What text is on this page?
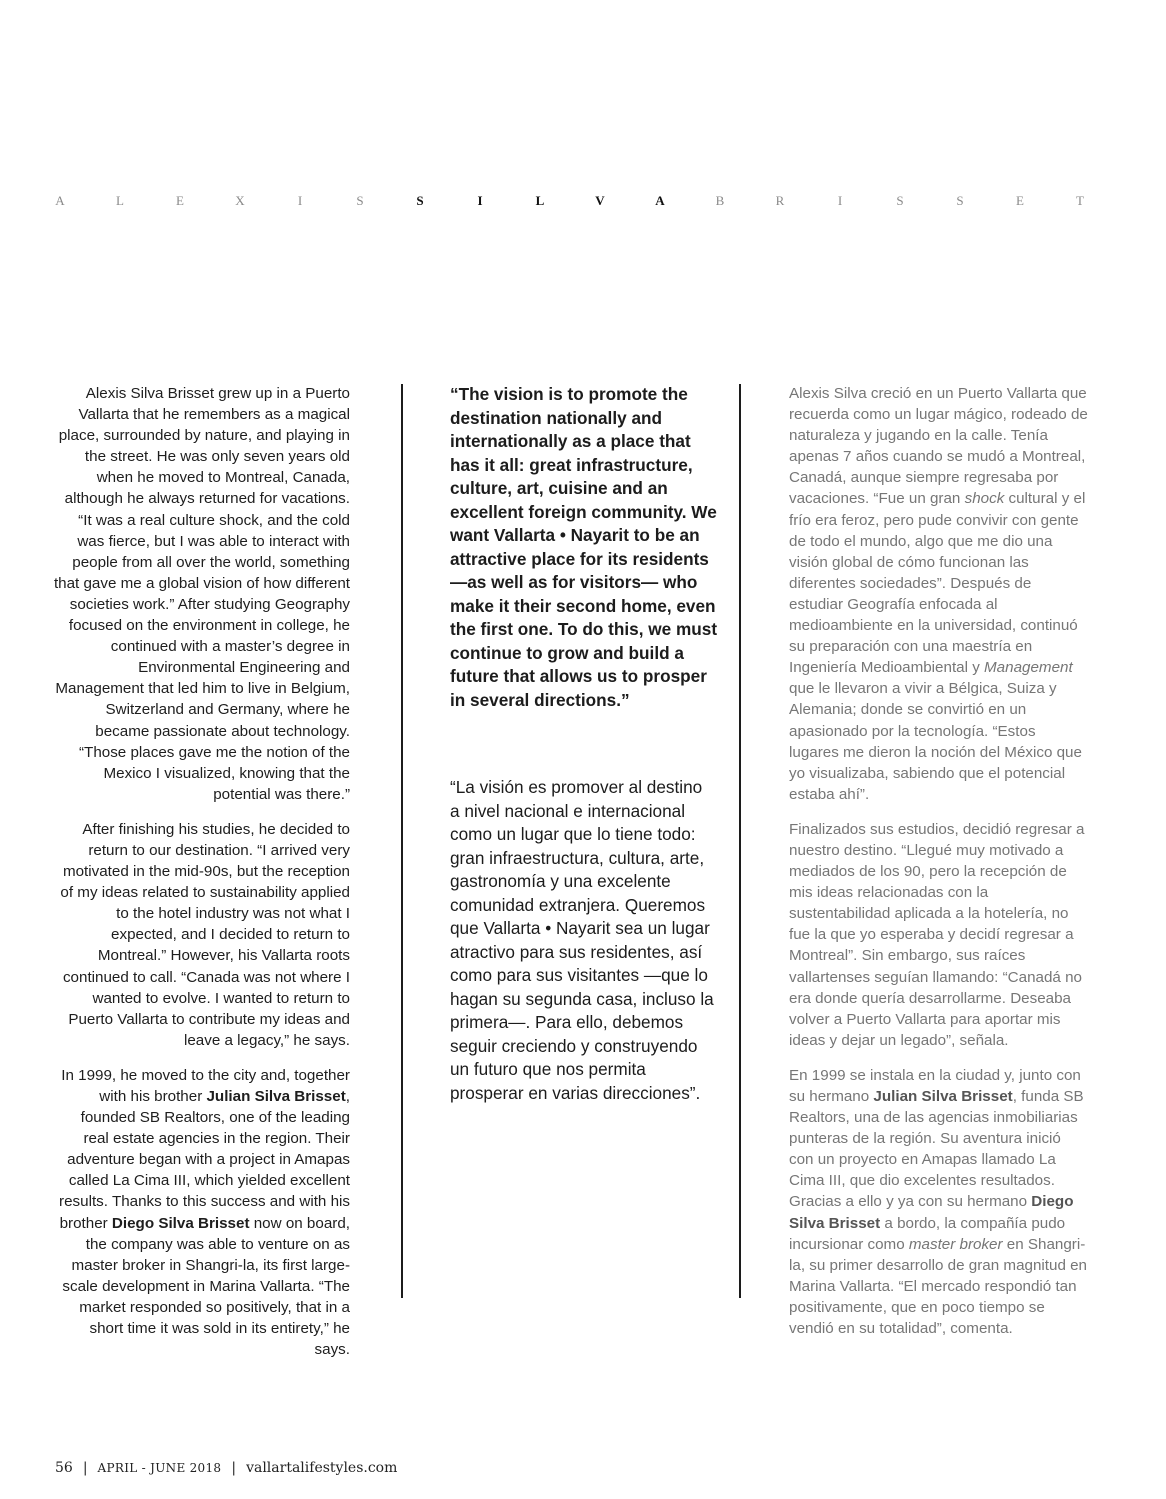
A	L	E	X	I	S	S	I	L	V	A	B	R	I	S	S	E	T

Alexis Silva Brisset grew up in a Puerto Vallarta that he remembers as a magical place, surrounded by nature, and playing in the street. He was only seven years old when he moved to Montreal, Canada, although he always returned for vacations. “It was a real culture shock, and the cold was fierce, but I was able to interact with people from all over the world, something that gave me a global vision of how different societies work.” After studying Geography focused on the environment in college, he continued with a master’s degree in Environmental Engineering and Management that led him to live in Belgium, Switzerland and Germany, where he became passionate about technology. “Those places gave me the notion of the Mexico I visualized, knowing that the potential was there.”

After finishing his studies, he decided to return to our destination. “I arrived very motivated in the mid-90s, but the reception of my ideas related to sustainability applied to the hotel industry was not what I expected, and I decided to return to Montreal.” However, his Vallarta roots continued to call. “Canada was not where I wanted to evolve. I wanted to return to Puerto Vallarta to contribute my ideas and leave a legacy,” he says.

In 1999, he moved to the city and, together with his brother Julian Silva Brisset, founded SB Realtors, one of the leading real estate agencies in the region. Their adventure began with a project in Amapas called La Cima III, which yielded excellent results. Thanks to this success and with his brother Diego Silva Brisset now on board, the company was able to venture on as master broker in Shangri-la, its first large-scale development in Marina Vallarta. “The market responded so positively, that in a short time it was sold in its entirety,” he says.

“The vision is to promote the destination nationally and internationally as a place that has it all: great infrastructure, culture, art, cuisine and an excellent foreign community. We want Vallarta • Nayarit to be an attractive place for its residents—as well as for visitors— who make it their second home, even the first one. To do this, we must continue to grow and build a future that allows us to prosper in several directions.”
“La visión es promover al destino a nivel nacional e internacional como un lugar que lo tiene todo: gran infraestructura, cultura, arte, gastronomía y una excelente comunidad extranjera. Queremos que Vallarta • Nayarit sea un lugar atractivo para sus residentes, así como para sus visitantes —que lo hagan su segunda casa, incluso la primera—. Para ello, debemos seguir creciendo y construyendo un futuro que nos permita prosperar en varias direcciones”.

Alexis Silva creció en un Puerto Vallarta que recuerda como un lugar mágico, rodeado de naturaleza y jugando en la calle. Tenía apenas 7 años cuando se mudó a Montreal, Canadá, aunque siempre regresaba por vacaciones. “Fue un gran shock cultural y el frío era feroz, pero pude convivir con gente de todo el mundo, algo que me dio una visión global de cómo funcionan las diferentes sociedades”. Después de estudiar Geografía enfocada al medioambiente en la universidad, continuó su preparación con una maestría en Ingeniería Medioambiental y Management que le llevaron a vivir a Bélgica, Suiza y Alemania; donde se convirtió en un apasionado por la tecnología. “Estos lugares me dieron la noción del México que yo visualizaba, sabiendo que el potencial estaba ahí”.

Finalizados sus estudios, decidió regresar a nuestro destino. “Llegué muy motivado a mediados de los 90, pero la recepción de mis ideas relacionadas con la sustentabilidad aplicada a la hotelería, no fue la que yo esperaba y decidí regresar a Montreal”. Sin embargo, sus raíces vallartenses seguían llamando: “Canadá no era donde quería desarrollarme. Deseaba volver a Puerto Vallarta para aportar mis ideas y dejar un legado”, señala.

En 1999 se instala en la ciudad y, junto con su hermano Julian Silva Brisset, funda SB Realtors, una de las agencias inmobiliarias punteras de la región. Su aventura inició con un proyecto en Amapas llamado La Cima III, que dio excelentes resultados. Gracias a ello y ya con su hermano Diego Silva Brisset a bordo, la compañía pudo incursionar como master broker en Shangri-la, su primer desarrollo de gran magnitud en Marina Vallarta. “El mercado respondió tan positivamente, que en poco tiempo se vendió en su totalidad”, comenta.

56 | APRIL - JUNE 2018 | vallartalifestyles.com
